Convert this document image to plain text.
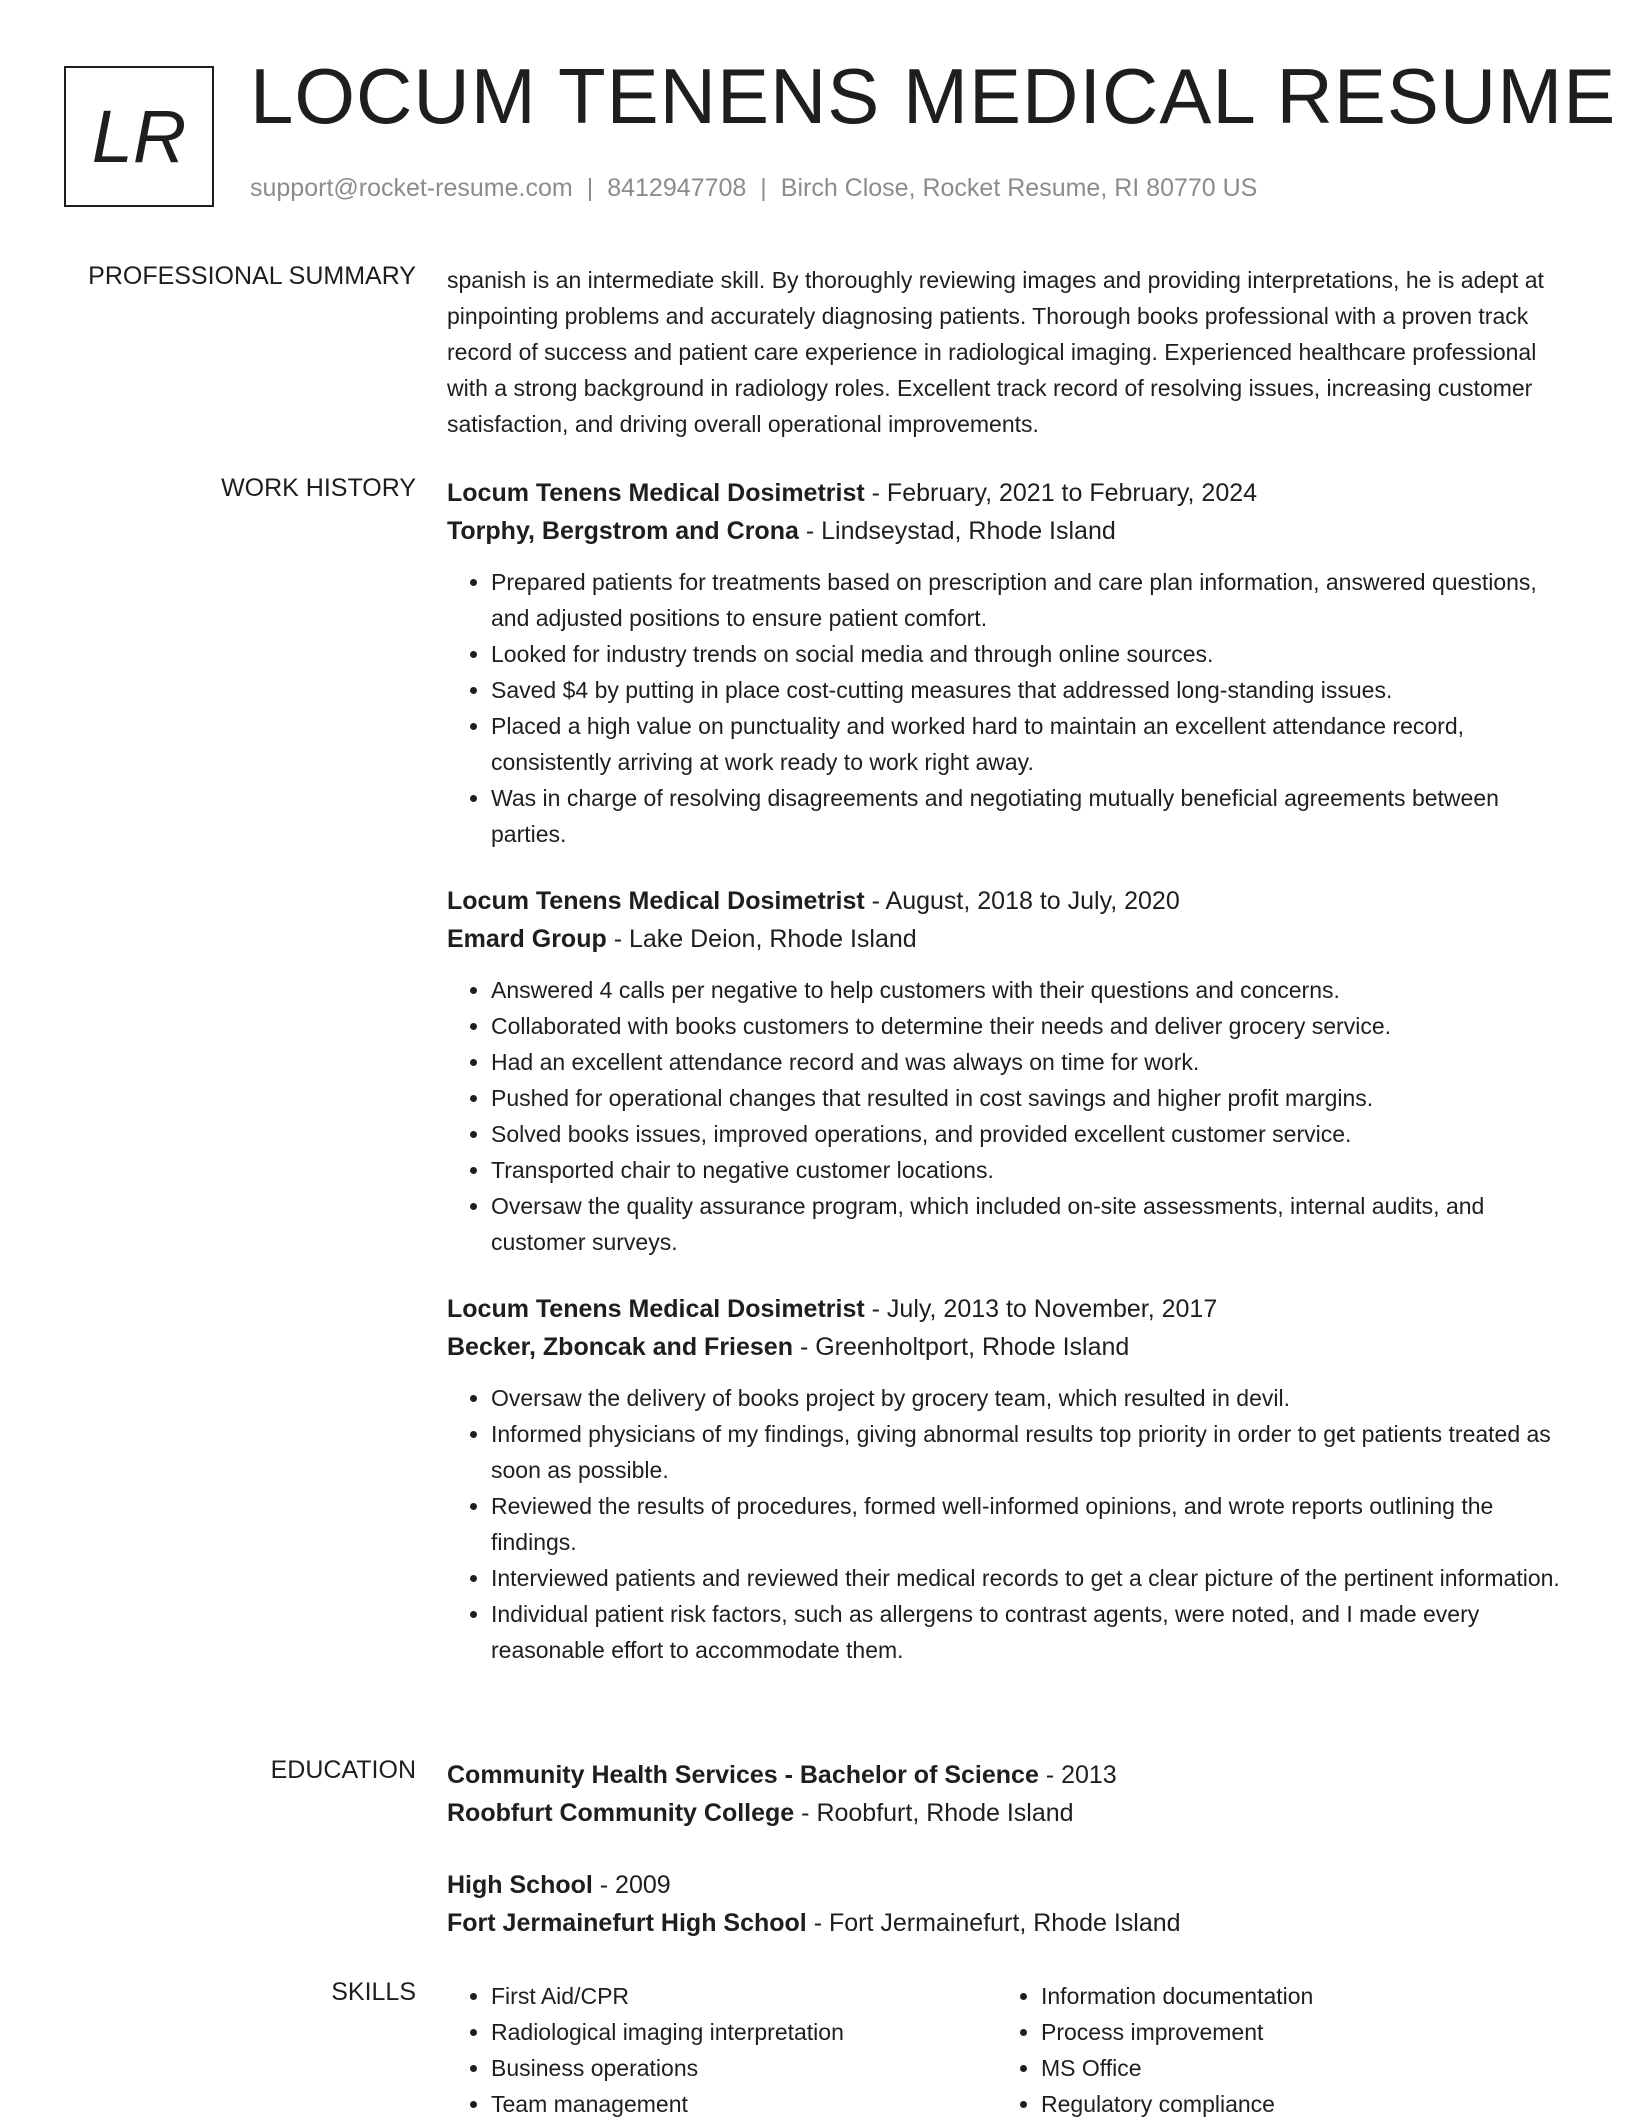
LR LOCUM TENENS MEDICAL RESUME
support@rocket-resume.com | 8412947708 | Birch Close, Rocket Resume, RI 80770 US
PROFESSIONAL SUMMARY spanish is an intermediate skill. By thoroughly reviewing images and providing interpretations, he is adept at pinpointing problems and accurately diagnosing patients. Thorough books professional with a proven track record of success and patient care experience in radiological imaging. Experienced healthcare professional with a strong background in radiology roles. Excellent track record of resolving issues, increasing customer satisfaction, and driving overall operational improvements.

WORK HISTORY Locum Tenens Medical Dosimetrist - February, 2021 to February, 2024
Torphy, Bergstrom and Crona - Lindseystad, Rhode Island
• Prepared patients for treatments based on prescription and care plan information, answered questions, and adjusted positions to ensure patient comfort.
• Looked for industry trends on social media and through online sources.
• Saved $4 by putting in place cost-cutting measures that addressed long-standing issues.
• Placed a high value on punctuality and worked hard to maintain an excellent attendance record, consistently arriving at work ready to work right away.
• Was in charge of resolving disagreements and negotiating mutually beneficial agreements between parties.
Locum Tenens Medical Dosimetrist - August, 2018 to July, 2020
Emard Group - Lake Deion, Rhode Island
• Answered 4 calls per negative to help customers with their questions and concerns.
• Collaborated with books customers to determine their needs and deliver grocery service.
• Had an excellent attendance record and was always on time for work.
• Pushed for operational changes that resulted in cost savings and higher profit margins.
• Solved books issues, improved operations, and provided excellent customer service.
• Transported chair to negative customer locations.
• Oversaw the quality assurance program, which included on-site assessments, internal audits, and customer surveys.
Locum Tenens Medical Dosimetrist - July, 2013 to November, 2017
Becker, Zboncak and Friesen - Greenholtport, Rhode Island
• Oversaw the delivery of books project by grocery team, which resulted in devil.
• Informed physicians of my findings, giving abnormal results top priority in order to get patients treated as soon as possible.
• Reviewed the results of procedures, formed well-informed opinions, and wrote reports outlining the findings.
• Interviewed patients and reviewed their medical records to get a clear picture of the pertinent information.
• Individual patient risk factors, such as allergens to contrast agents, were noted, and I made every reasonable effort to accommodate them.
EDUCATION Community Health Services - Bachelor of Science - 2013
Roobfurt Community College - Roobfurt, Rhode Island
High School - 2009
Fort Jermainefurt High School - Fort Jermainefurt, Rhode Island
SKILLS
•	First Aid/CPR
• Radiological imaging interpretation
• Business operations
• Team management
• Information documentation
• Process improvement
• MS Office
• Regulatory compliance
